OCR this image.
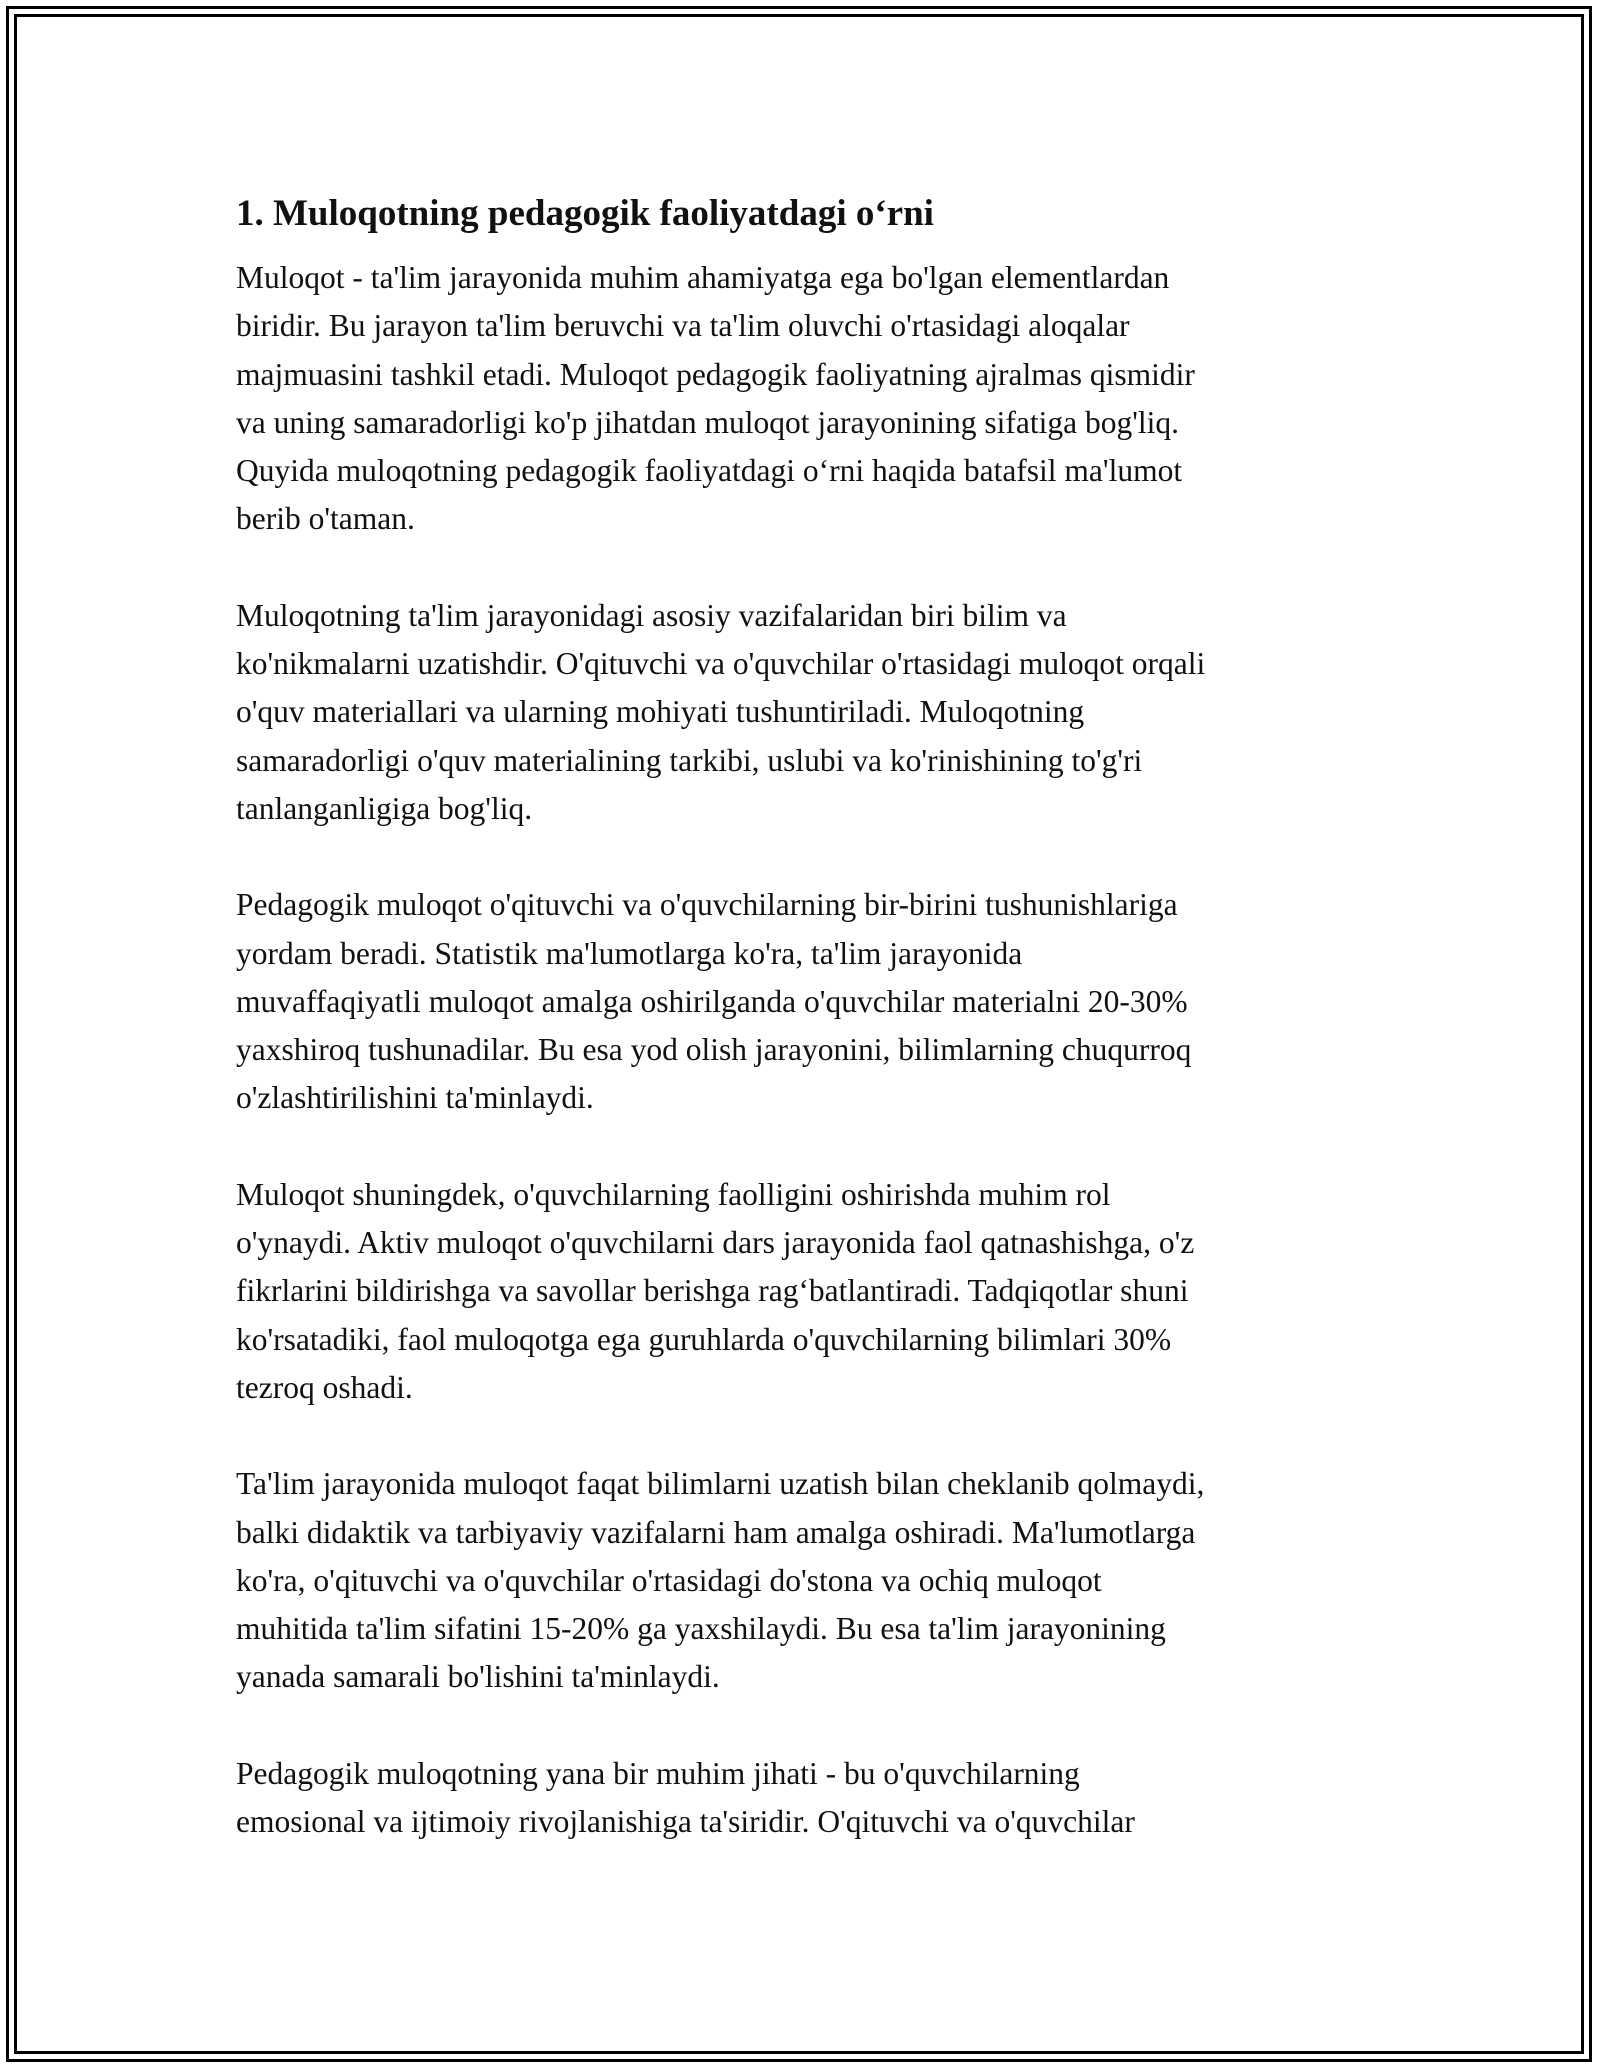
1. Muloqotning pedagogik faoliyatdagi o‘rni
Muloqot - ta'lim jarayonida muhim ahamiyatga ega bo'lgan elementlardan
biridir. Bu jarayon ta'lim beruvchi va ta'lim oluvchi o'rtasidagi aloqalar
majmuasini tashkil etadi. Muloqot pedagogik faoliyatning ajralmas qismidir
va uning samaradorligi ko'p jihatdan muloqot jarayonining sifatiga bog'liq.
Quyida muloqotning pedagogik faoliyatdagi o‘rni haqida batafsil ma'lumot
berib o'taman.
Muloqotning ta'lim jarayonidagi asosiy vazifalaridan biri bilim va
ko'nikmalarni uzatishdir. O'qituvchi va o'quvchilar o'rtasidagi muloqot orqali
o'quv materiallari va ularning mohiyati tushuntiriladi. Muloqotning
samaradorligi o'quv materialining tarkibi, uslubi va ko'rinishining to'g'ri
tanlanganligiga bog'liq.
Pedagogik muloqot o'qituvchi va o'quvchilarning bir-birini tushunishlariga
yordam beradi. Statistik ma'lumotlarga ko'ra, ta'lim jarayonida
muvaffaqiyatli muloqot amalga oshirilganda o'quvchilar materialni 20-30%
yaxshiroq tushunadilar. Bu esa yod olish jarayonini, bilimlarning chuqurroq
o'zlashtirilishini ta'minlaydi.
Muloqot shuningdek, o'quvchilarning faolligini oshirishda muhim rol
o'ynaydi. Aktiv muloqot o'quvchilarni dars jarayonida faol qatnashishga, o'z
fikrlarini bildirishga va savollar berishga rag‘batlantiradi. Tadqiqotlar shuni
ko'rsatadiki, faol muloqotga ega guruhlarda o'quvchilarning bilimlari 30%
tezroq oshadi.
Ta'lim jarayonida muloqot faqat bilimlarni uzatish bilan cheklanib qolmaydi,
balki didaktik va tarbiyaviy vazifalarni ham amalga oshiradi. Ma'lumotlarga
ko'ra, o'qituvchi va o'quvchilar o'rtasidagi do'stona va ochiq muloqot
muhitida ta'lim sifatini 15-20% ga yaxshilaydi. Bu esa ta'lim jarayonining
yanada samarali bo'lishini ta'minlaydi.
Pedagogik muloqotning yana bir muhim jihati - bu o'quvchilarning
emosional va ijtimoiy rivojlanishiga ta'siridir. O'qituvchi va o'quvchilar
